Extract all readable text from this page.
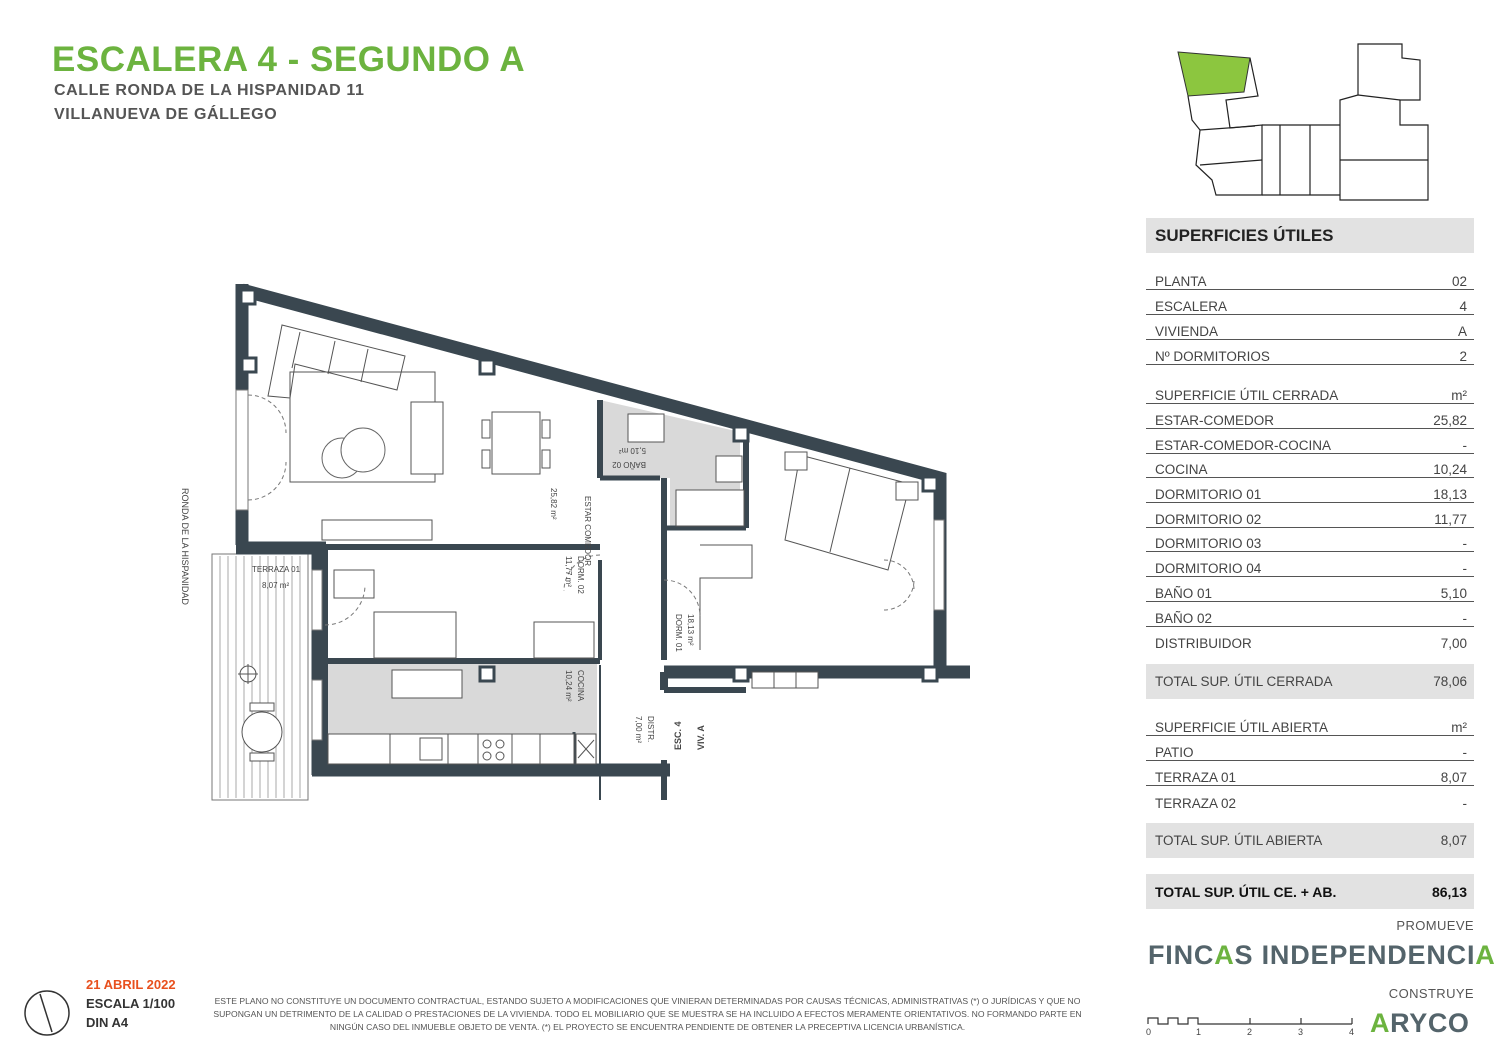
ESCALERA 4 - SEGUNDO A
CALLE RONDA DE LA HISPANIDAD 11
VILLANUEVA DE GÁLLEGO
RONDA DE LA HISPANIDAD	ESTAR COMEDOR
25,82 m²
BAÑO 02
5,10 m²
TERRAZA 01
8,07 m²	DORM. 02
11,77 m²
COCINA
10,24 m²
DISTR.
7,00 m²
DORM. 01 18,13 m²
ESC. 4 VIV. A
SUPERFICIES ÚTILES
PLANTA	02
ESCALERA	4
VIVIENDA	A
Nº DORMITORIOS	2
SUPERFICIE ÚTIL CERRADA	m²
ESTAR-COMEDOR	25,82
ESTAR-COMEDOR-COCINA	-
COCINA	10,24
DORMITORIO 01	18,13
DORMITORIO 02	11,77
DORMITORIO 03	-
DORMITORIO 04	-
BAÑO 01	5,10
BAÑO 02	-
DISTRIBUIDOR	7,00
TOTAL SUP. ÚTIL CERRADA	78,06
SUPERFICIE ÚTIL ABIERTA	m²
PATIO	-
TERRAZA 01	8,07
TERRAZA 02	-
TOTAL SUP. ÚTIL ABIERTA	8,07
TOTAL SUP. ÚTIL CE. + AB.	86,13
PROMUEVE
FINCAS INDEPENDENCIA
CONSTRUYE
ARYCO
0	1	2	3	4
21 ABRIL 2022
ESCALA 1/100
DIN A4
ESTE PLANO NO CONSTITUYE UN DOCUMENTO CONTRACTUAL, ESTANDO SUJETO A MODIFICACIONES QUE VINIERAN DETERMINADAS POR CAUSAS TÉCNICAS, ADMINISTRATIVAS (*) O JURÍDICAS Y QUE NO SUPONGAN UN DETRIMENTO DE LA CALIDAD O PRESTACIONES DE LA VIVIENDA. TODO EL MOBILIARIO QUE SE MUESTRA SE HA INCLUIDO A EFECTOS MERAMENTE ORIENTATIVOS. NO FORMANDO PARTE EN NINGÚN CASO DEL INMUEBLE OBJETO DE VENTA. (*) EL PROYECTO SE ENCUENTRA PENDIENTE DE OBTENER LA PRECEPTIVA LICENCIA URBANÍSTICA.
